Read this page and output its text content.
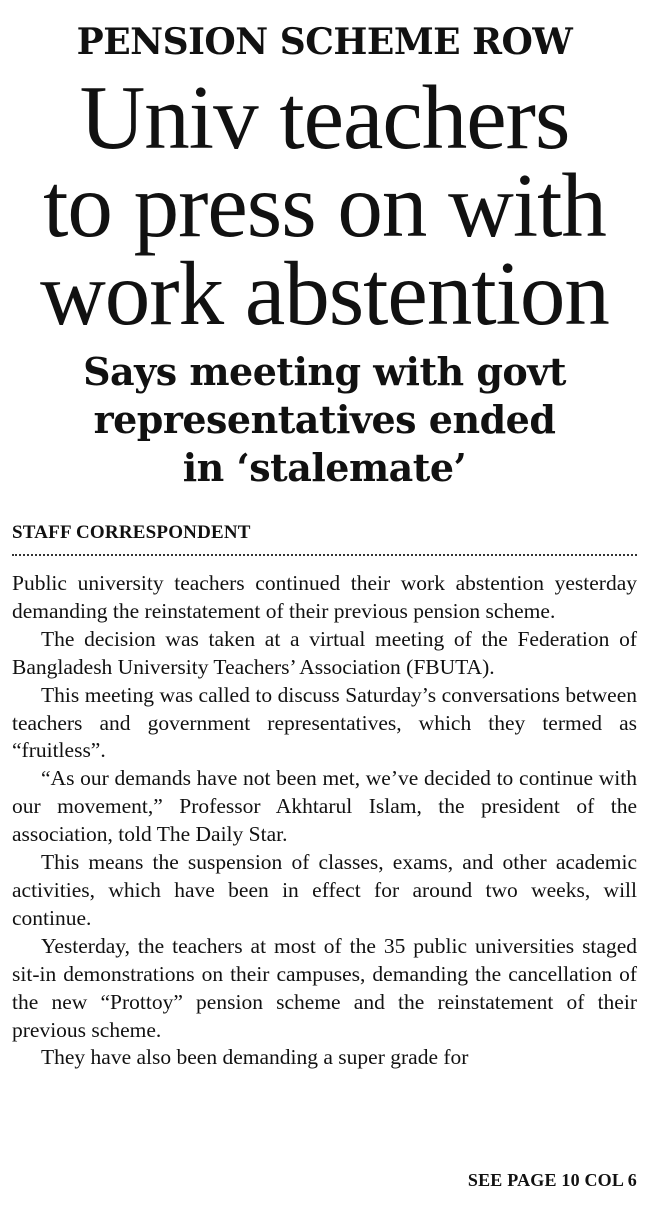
PENSION SCHEME ROW
Univ teachers
to press on with
work abstention
Says meeting with govt
representatives ended
in ‘stalemate’
STAFF CORRESPONDENT

Public university teachers continued their work abstention yesterday demanding the reinstatement of their previous pension scheme.

The decision was taken at a virtual meeting of the Federation of Bangladesh University Teachers’ Association (FBUTA).

This meeting was called to discuss Saturday’s conversations between teachers and government representatives, which they termed as “fruitless”.

“As our demands have not been met, we’ve decided to continue with our movement,” Professor Akhtarul Islam, the president of the association, told The Daily Star.

This means the suspension of classes, exams, and other academic activities, which have been in effect for around two weeks, will continue.

Yesterday, the teachers at most of the 35 public universities staged sit-in demonstrations on their campuses, demanding the cancellation of the new “Prottoy” pension scheme and the reinstatement of their previous scheme.

They have also been demanding a super grade for

SEE PAGE 10 COL 6
